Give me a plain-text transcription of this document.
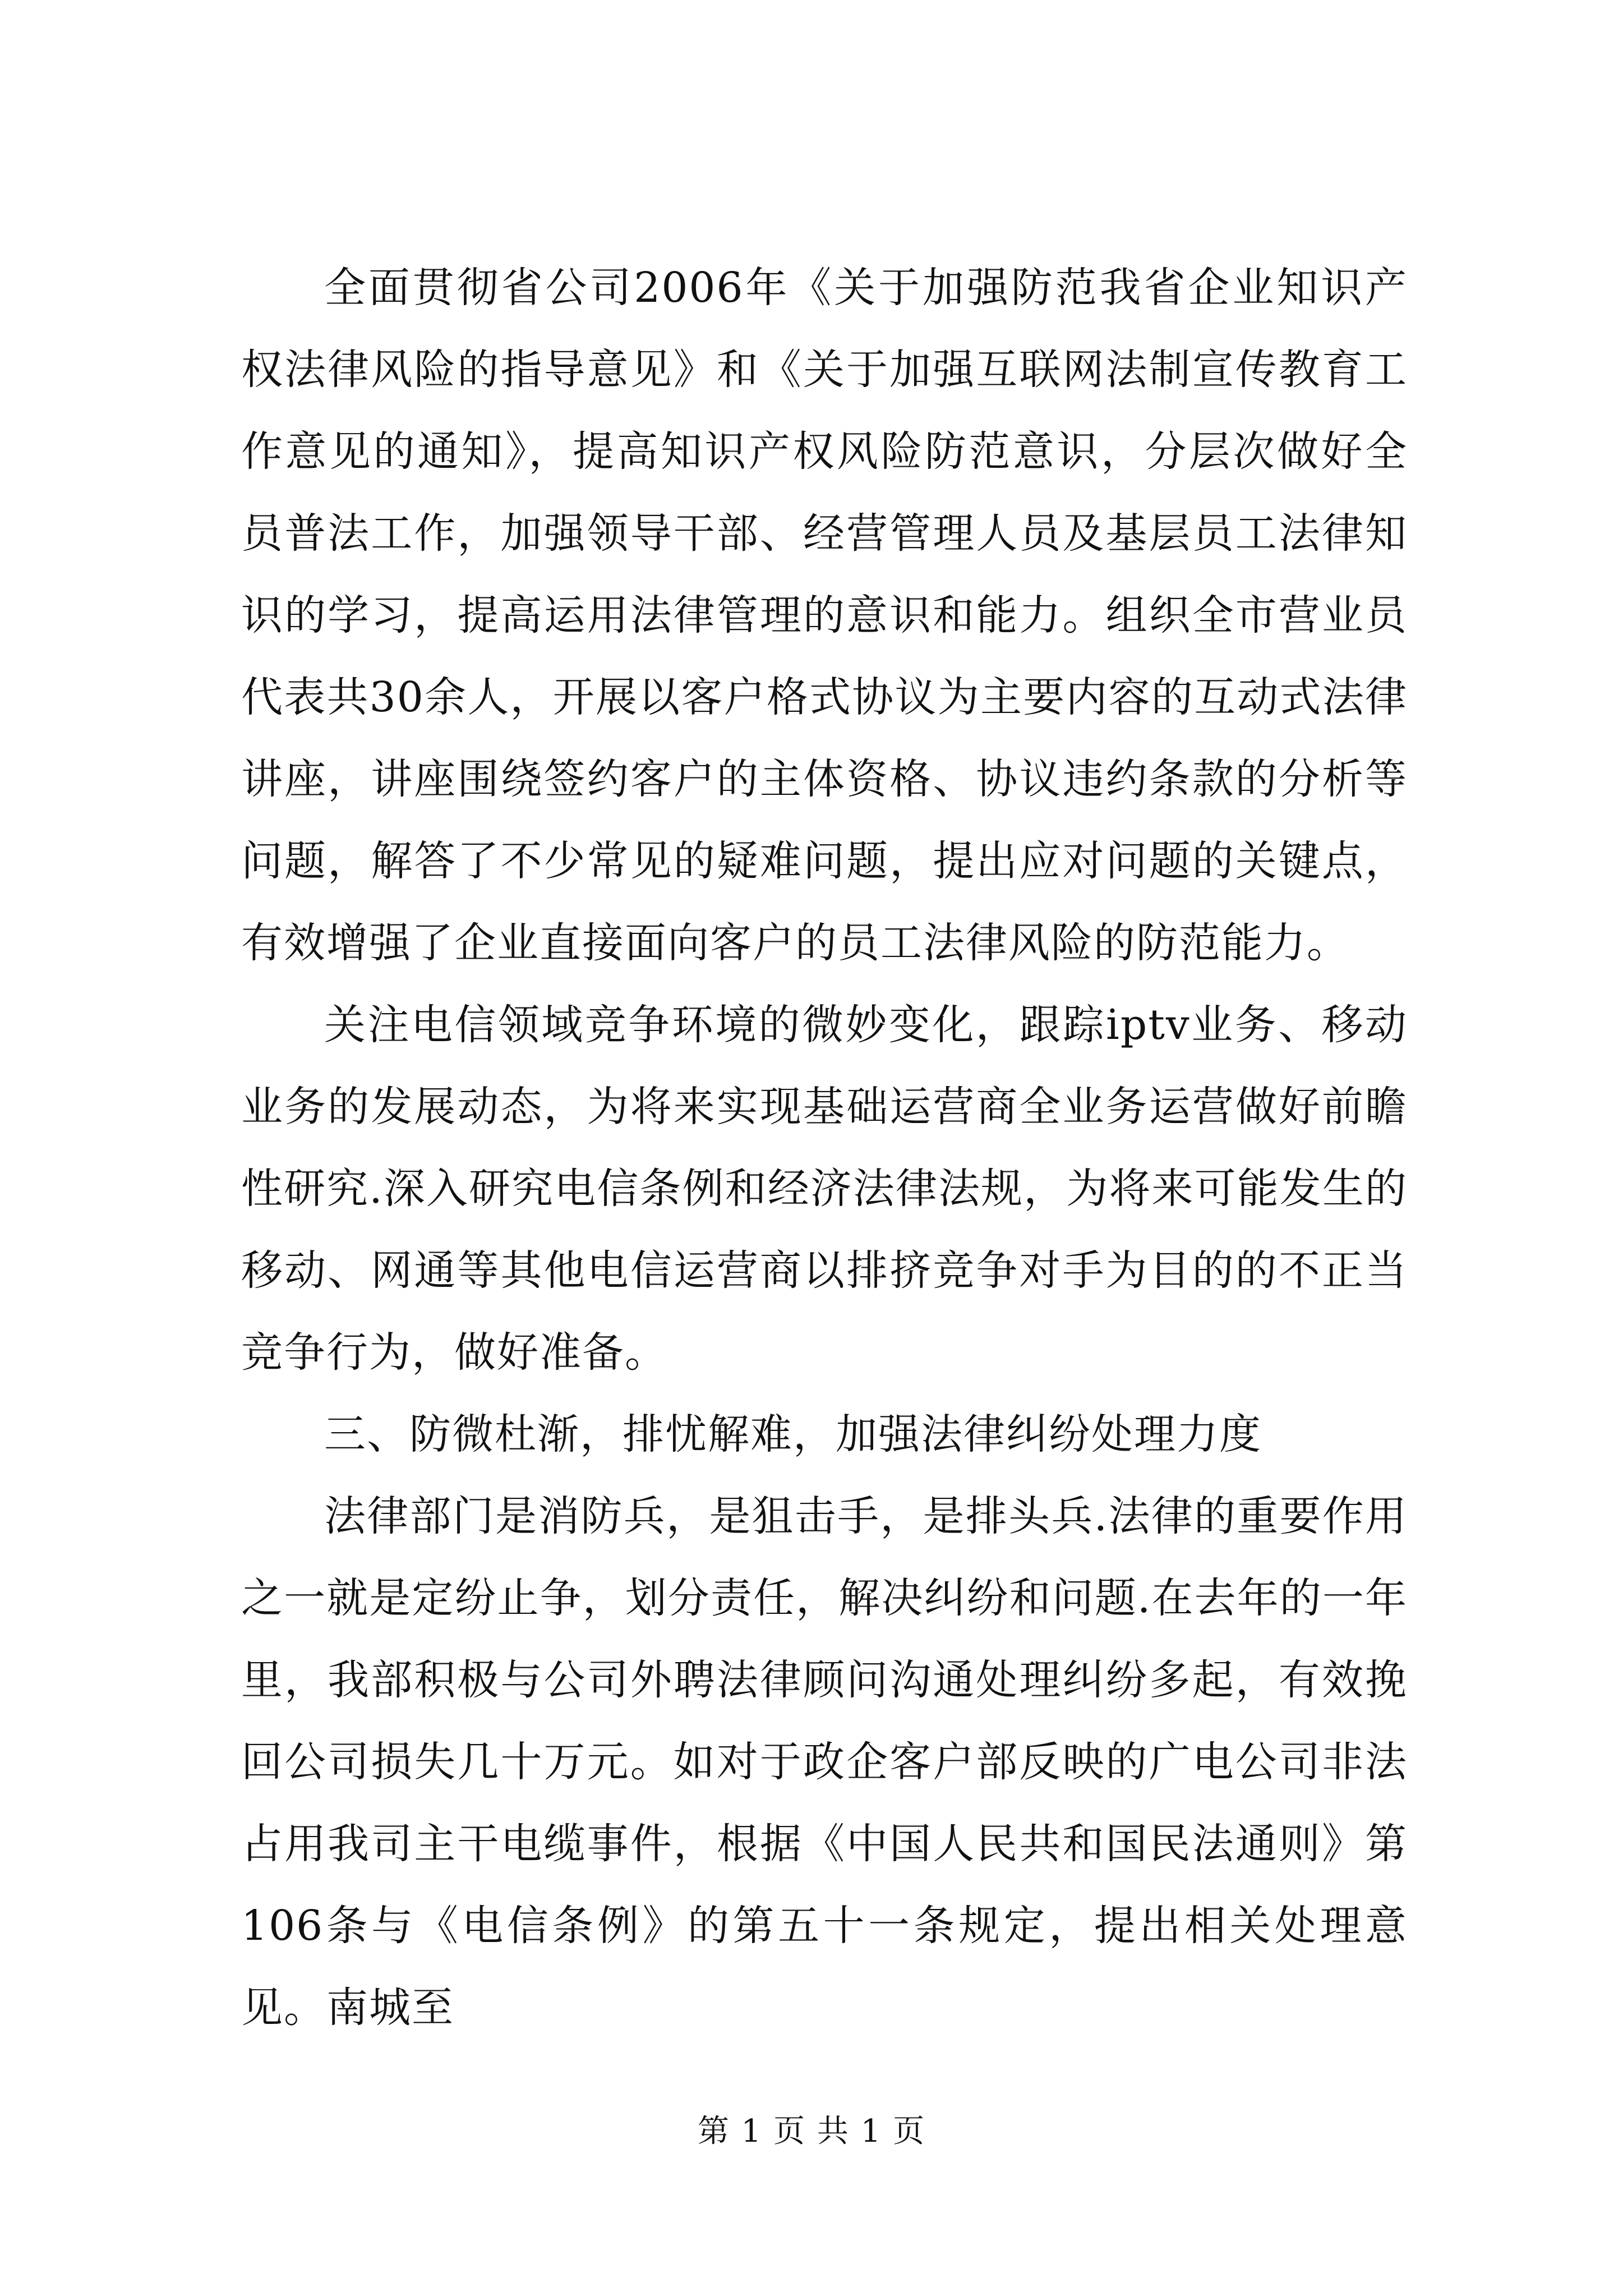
全面贯彻省公司2006年《关于加强防范我省企业知识产权法律风险的指导意见》和《关于加强互联网法制宣传教育工作意见的通知》，提高知识产权风险防范意识，分层次做好全员普法工作，加强领导干部、经营管理人员及基层员工法律知识的学习，提高运用法律管理的意识和能力。组织全市营业员代表共30余人，开展以客户格式协议为主要内容的互动式法律讲座，讲座围绕签约客户的主体资格、协议违约条款的分析等问题，解答了不少常见的疑难问题，提出应对问题的关键点，有效增强了企业直接面向客户的员工法律风险的防范能力。

关注电信领域竞争环境的微妙变化，跟踪iptv业务、移动业务的发展动态，为将来实现基础运营商全业务运营做好前瞻性研究.深入研究电信条例和经济法律法规，为将来可能发生的移动、网通等其他电信运营商以排挤竞争对手为目的的不正当竞争行为，做好准备。

三、防微杜渐，排忧解难，加强法律纠纷处理力度

法律部门是消防兵，是狙击手，是排头兵.法律的重要作用之一就是定纷止争，划分责任，解决纠纷和问题.在去年的一年里，我部积极与公司外聘法律顾问沟通处理纠纷多起，有效挽回公司损失几十万元。如对于政企客户部反映的广电公司非法占用我司主干电缆事件，根据《中国人民共和国民法通则》第106条与《电信条例》的第五十一条规定，提出相关处理意见。南城至

第 1 页 共 1 页
